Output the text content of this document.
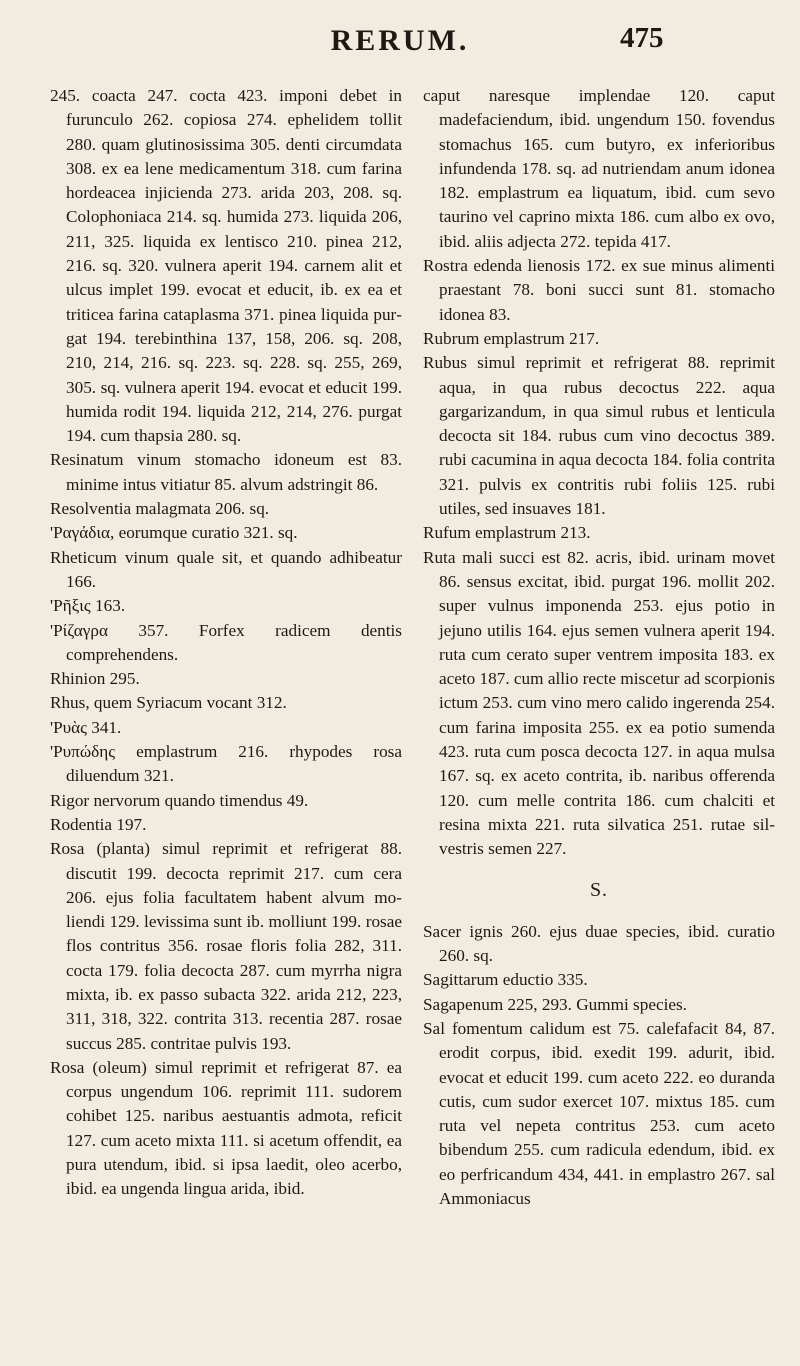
RERUM.	475
245. coacta 247. cocta 423. imponi debet in furunculo 262. copiosa 274. ephelidem tollit 280. quam glutinosissima 305. denti circumdata 308. ex ea lene medicamentum 318. cum farina hordeacea injicienda 273. arida 203, 208. sq. Colophoniaca 214. sq. humida 273. liquida 206, 211, 325. liquida ex lentisco 210. pinea 212, 216. sq. 320. vulnera aperit 194. carnem alit et ulcus implet 199. evocat et educit, ib. ex ea et triticea farina cataplasma 371. pinea liquida purgat 194. terebinthina 137, 158, 206. sq. 208, 210, 214, 216. sq. 223. sq. 228. sq. 255, 269, 305. sq. vulnera aperit 194. evocat et educit 199. humida rodit 194. liquida 212, 214, 276. purgat 194. cum thapsia 280. sq.
Resinatum vinum stomacho idoneum est 83. minime intus vitiatur 85. alvum adstringit 86.
Resolventia malagmata 206. sq.
'Ραγάδια, eorumque curatio 321. sq.
Rheticum vinum quale sit, et quando adhibeatur 166.
'Ρῆξις 163.
'Ρίζαγρα 357. Forfex radicem dentis comprehendens.
Rhinion 295.
Rhus, quem Syriacum vocant 312.
'Ρυὰς 341.
'Ρυπώδης emplastrum 216. rhypodes rosa diluendum 321.
Rigor nervorum quando timendus 49.
Rodentia 197.
Rosa (planta) simul reprimit et refrigerat 88. discutit 199. decocta reprimit 217. cum cera 206. ejus folia facultatem habent alvum moliendi 129. levissima sunt ib. molliunt 199. rosae flos contritus 356. rosae floris folia 282, 311. cocta 179. folia decocta 287. cum myrrha nigra mixta, ib. ex passo subacta 322. arida 212, 223, 311, 318, 322. contrita 313. recentia 287. rosae succus 285. contritae pulvis 193.
Rosa (oleum) simul reprimit et refrigerat 87. ea corpus ungendum 106. reprimit 111. sudorem cohibet 125. naribus aestuantis admota, reficit 127. cum aceto mixta 111. si acetum offendit, ea pura utendum, ibid. si ipsa laedit, oleo acerbo, ibid. ea ungenda lingua arida, ibid.
caput naresque implendae 120. caput madefaciendum, ibid. ungendum 150. fovendus stomachus 165. cum butyro, ex inferioribus infundenda 178. sq. ad nutriendam anum idonea 182. emplastrum ea liquatum, ibid. cum sevo taurino vel caprino mixta 186. cum albo ex ovo, ibid. aliis adjecta 272. tepida 417.
Rostra edenda lienosis 172. ex sue minus alimenti praestant 78. boni succi sunt 81. stomacho idonea 83.
Rubrum emplastrum 217.
Rubus simul reprimit et refrigerat 88. reprimit aqua, in qua rubus decoctus 222. aqua gargarizandum, in qua simul rubus et lenticula decocta sit 184. rubus cum vino decoctus 389. rubi cacumina in aqua decocta 184. folia contrita 321. pulvis ex contritis rubi foliis 125. rubi utiles, sed insuaves 181.
Rufum emplastrum 213.
Ruta mali succi est 82. acris, ibid. urinam movet 86. sensus excitat, ibid. purgat 196. mollit 202. super vulnus imponenda 253. ejus potio in jejuno utilis 164. ejus semen vulnera aperit 194. ruta cum cerato super ventrem imposita 183. ex aceto 187. cum allio recte miscetur ad scorpionis ictum 253. cum vino mero calido ingerenda 254. cum farina imposita 255. ex ea potio sumenda 423. ruta cum posca decocta 127. in aqua mulsa 167. sq. ex aceto contrita, ib. naribus offerenda 120. cum melle contrita 186. cum chalciti et resina mixta 221. ruta silvatica 251. rutae silvestris semen 227.
S.
Sacer ignis 260. ejus duae species, ibid. curatio 260. sq.
Sagittarum eductio 335.
Sagapenum 225, 293. Gummi species.
Sal fomentum calidum est 75. calefafacit 84, 87. erodit corpus, ibid. exedit 199. adurit, ibid. evocat et educit 199. cum aceto 222. eo duranda cutis, cum sudor exercet 107. mixtus 185. cum ruta vel nepeta contritus 253. cum aceto bibendum 255. cum radicula edendum, ibid. ex eo perfricandum 434, 441. in emplastro 267. sal Ammoniacus
